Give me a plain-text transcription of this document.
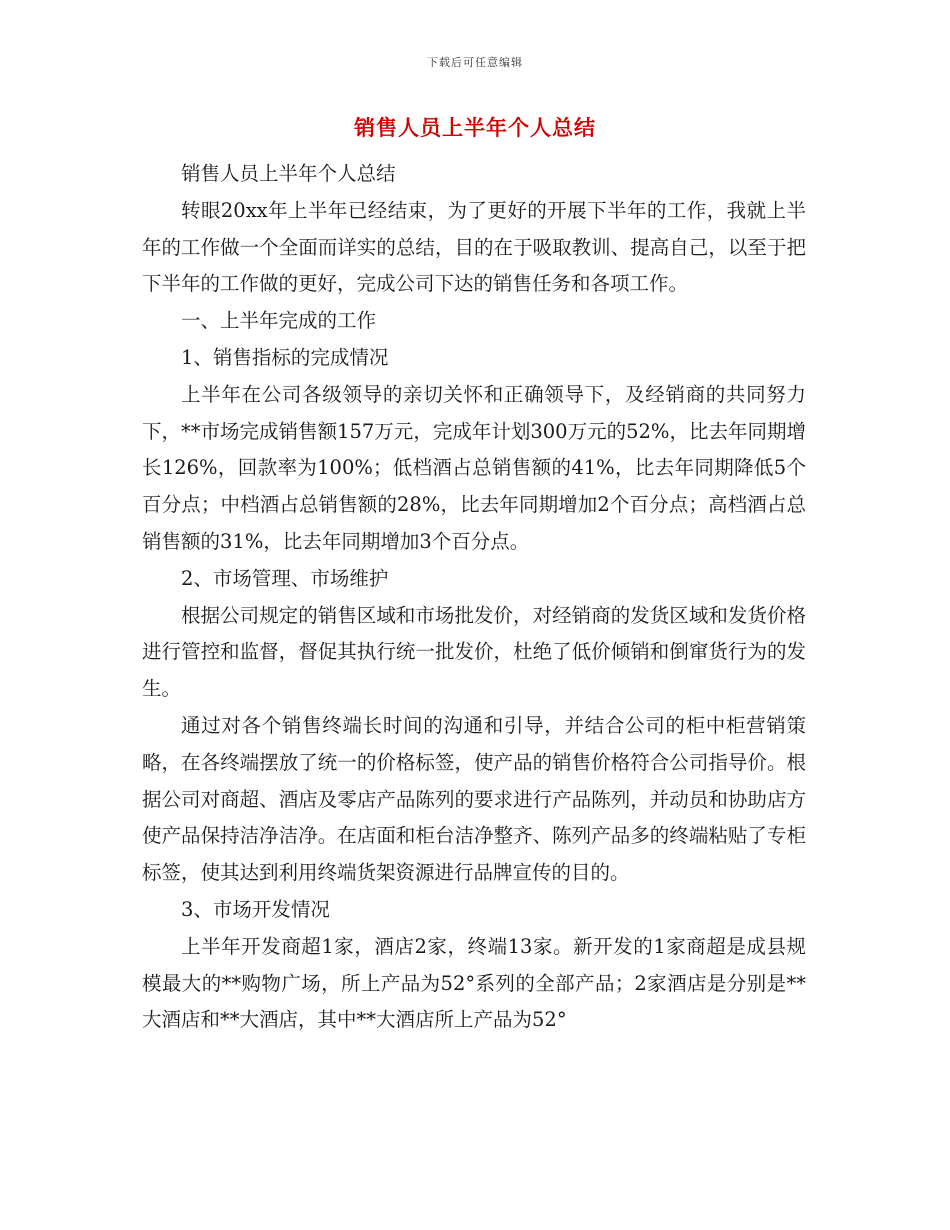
下载后可任意编辑
销售人员上半年个人总结

销售人员上半年个人总结

转眼20xx年上半年已经结束，为了更好的开展下半年的工作，我就上半年的工作做一个全面而详实的总结，目的在于吸取教训、提高自己，以至于把下半年的工作做的更好，完成公司下达的销售任务和各项工作。

一、上半年完成的工作

1、销售指标的完成情况

上半年在公司各级领导的亲切关怀和正确领导下，及经销商的共同努力下，**市场完成销售额157万元，完成年计划300万元的52%，比去年同期增长126%，回款率为100%；低档酒占总销售额的41%，比去年同期降低5个百分点；中档酒占总销售额的28%，比去年同期增加2个百分点；高档酒占总销售额的31%，比去年同期增加3个百分点。

2、市场管理、市场维护

根据公司规定的销售区域和市场批发价，对经销商的发货区域和发货价格进行管控和监督，督促其执行统一批发价，杜绝了低价倾销和倒窜货行为的发生。

通过对各个销售终端长时间的沟通和引导，并结合公司的柜中柜营销策略，在各终端摆放了统一的价格标签，使产品的销售价格符合公司指导价。根据公司对商超、酒店及零店产品陈列的要求进行产品陈列，并动员和协助店方使产品保持洁净洁净。在店面和柜台洁净整齐、陈列产品多的终端粘贴了专柜标签，使其达到利用终端货架资源进行品牌宣传的目的。

3、市场开发情况

上半年开发商超1家，酒店2家，终端13家。新开发的1家商超是成县规模最大的**购物广场，所上产品为52°系列的全部产品；2家酒店是分别是**大酒店和**大酒店，其中**大酒店所上产品为52°
